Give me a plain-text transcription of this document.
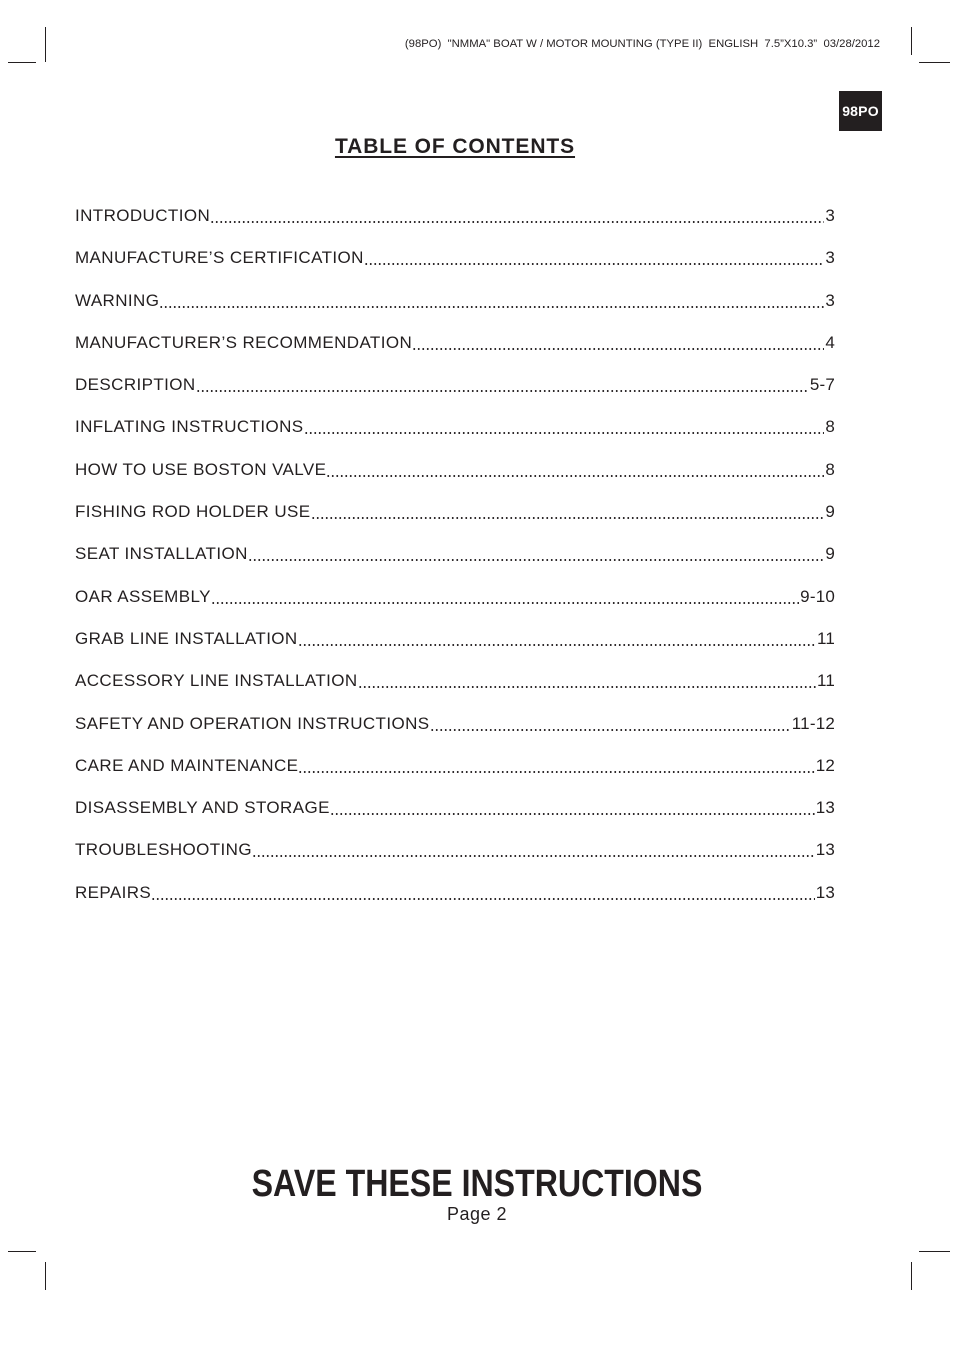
(98PO)  "NMMA" BOAT W / MOTOR MOUNTING (TYPE II)  ENGLISH  7.5”X10.3”  03/28/2012
98PO
TABLE OF CONTENTS
INTRODUCTION	3
MANUFACTURE’S CERTIFICATION	3
WARNING	3
MANUFACTURER’S RECOMMENDATION	4
DESCRIPTION	5-7
INFLATING INSTRUCTIONS	8
HOW TO USE BOSTON VALVE	8
FISHING ROD HOLDER USE	9
SEAT INSTALLATION	9
OAR ASSEMBLY	9-10
GRAB LINE INSTALLATION	11
ACCESSORY LINE INSTALLATION	11
SAFETY AND OPERATION INSTRUCTIONS	11-12
CARE AND MAINTENANCE	12
DISASSEMBLY AND STORAGE	13
TROUBLESHOOTING	13
REPAIRS	13
SAVE THESE INSTRUCTIONS
Page 2
